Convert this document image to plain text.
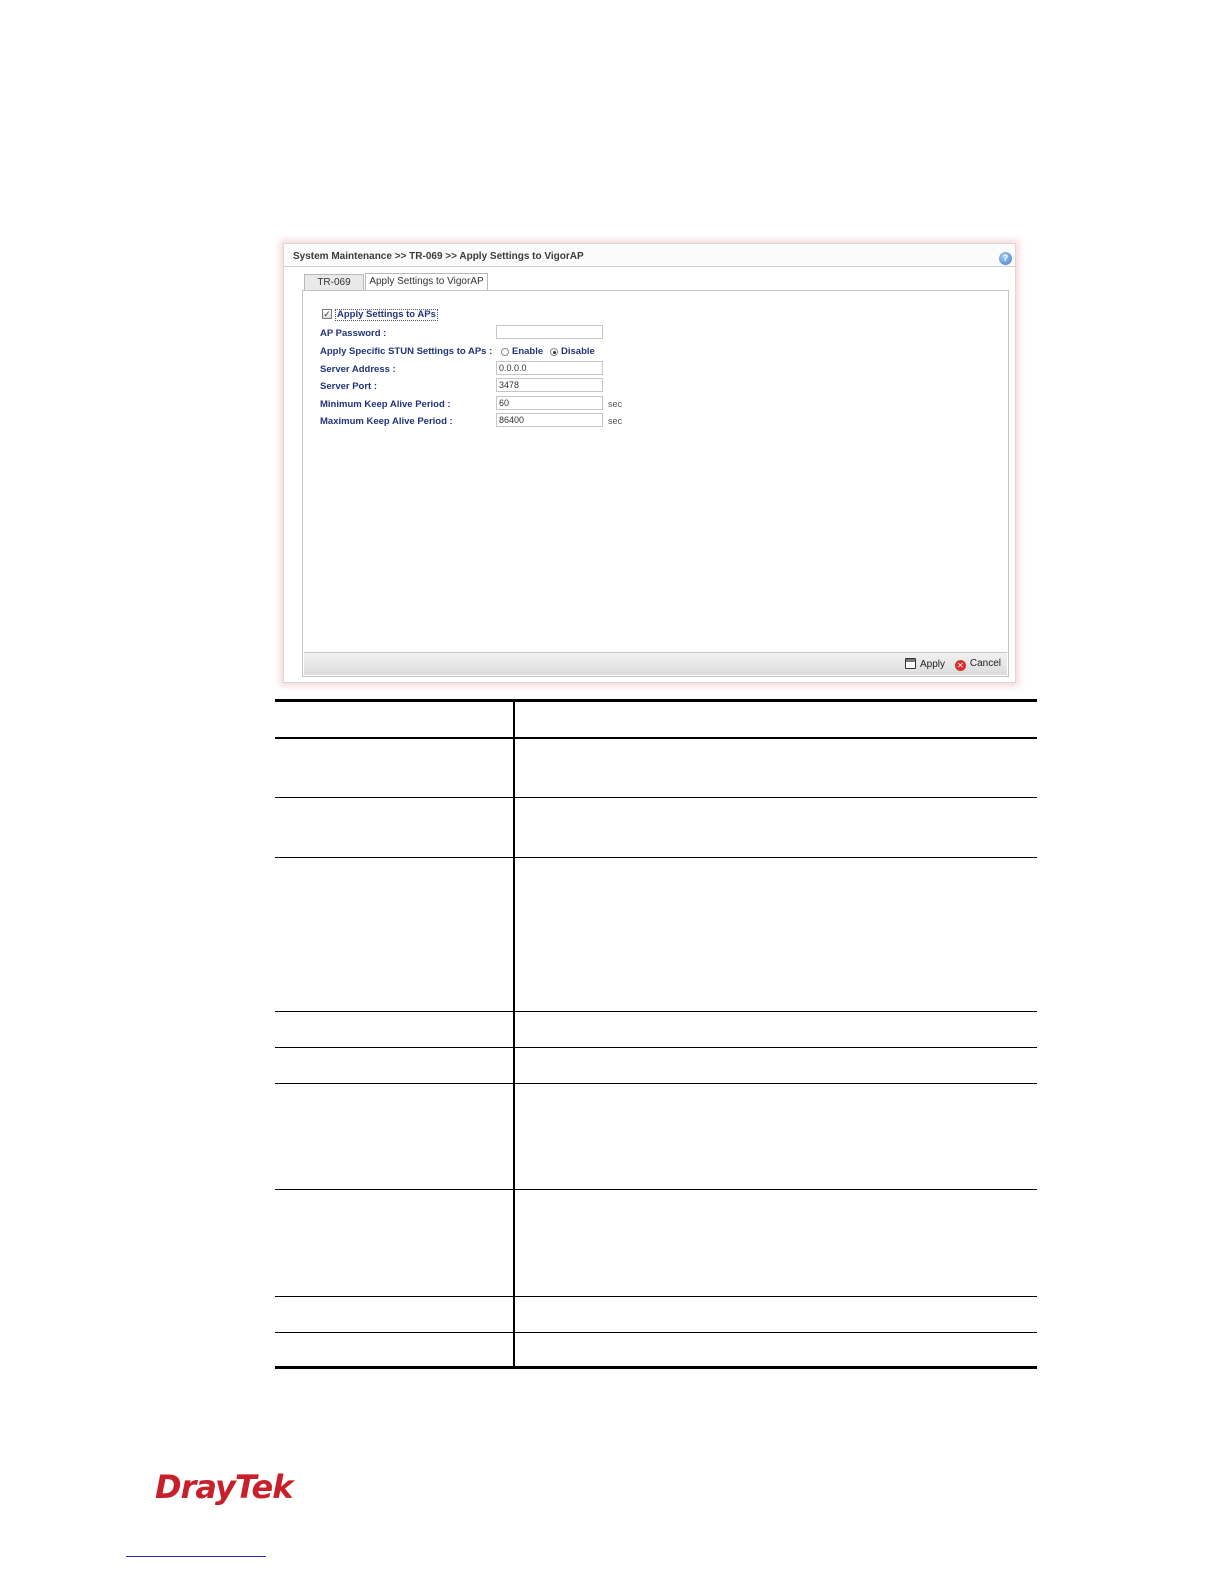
System Maintenance >> TR-069 >> Apply Settings to VigorAP	?
TR-069	Apply Settings to VigorAP
✓ Apply Settings to APs
AP Password :
Apply Specific STUN Settings to APs : Enable Disable
Server Address :	0.0.0.0
Server Port :	3478
Minimum Keep Alive Period :	60	sec
Maximum Keep Alive Period :	86400	sec
Apply ✕ Cancel

DrayTek
